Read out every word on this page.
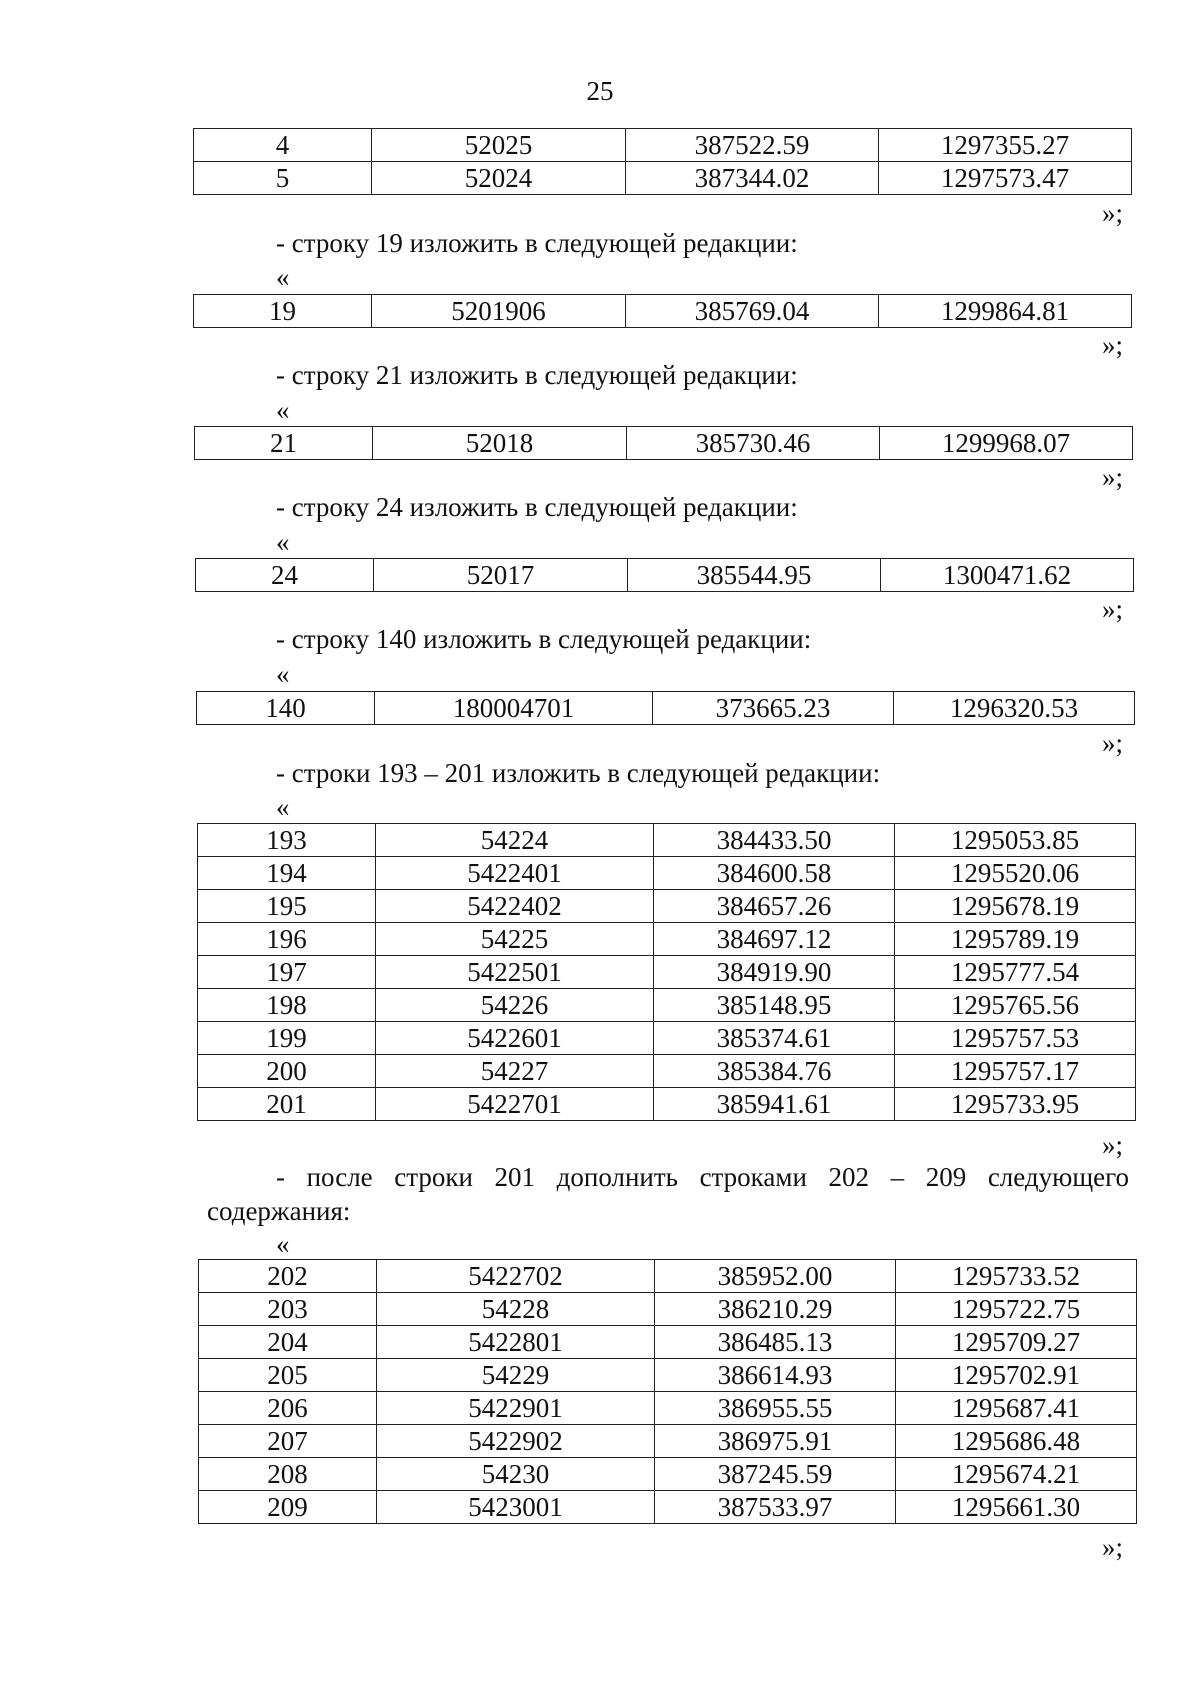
25
4	52025	387522.59	1297355.27
5	52024	387344.02	1297573.47
»;
- строку 19 изложить в следующей редакции:
«
19	5201906	385769.04	1299864.81
»;
- строку 21 изложить в следующей редакции:
«
21	52018	385730.46	1299968.07
»;
- строку 24 изложить в следующей редакции:
«
24	52017	385544.95	1300471.62
»;
- строку 140 изложить в следующей редакции:
«
140	180004701	373665.23	1296320.53
»;
- строки 193 – 201 изложить в следующей редакции:
«
193	54224	384433.50	1295053.85
194	5422401	384600.58	1295520.06
195	5422402	384657.26	1295678.19
196	54225	384697.12	1295789.19
197	5422501	384919.90	1295777.54
198	54226	385148.95	1295765.56
199	5422601	385374.61	1295757.53
200	54227	385384.76	1295757.17
201	5422701	385941.61	1295733.95
»;
- после строки 201 дополнить строками 202 – 209 следующего содержания:
«
202	5422702	385952.00	1295733.52
203	54228	386210.29	1295722.75
204	5422801	386485.13	1295709.27
205	54229	386614.93	1295702.91
206	5422901	386955.55	1295687.41
207	5422902	386975.91	1295686.48
208	54230	387245.59	1295674.21
209	5423001	387533.97	1295661.30
»;
